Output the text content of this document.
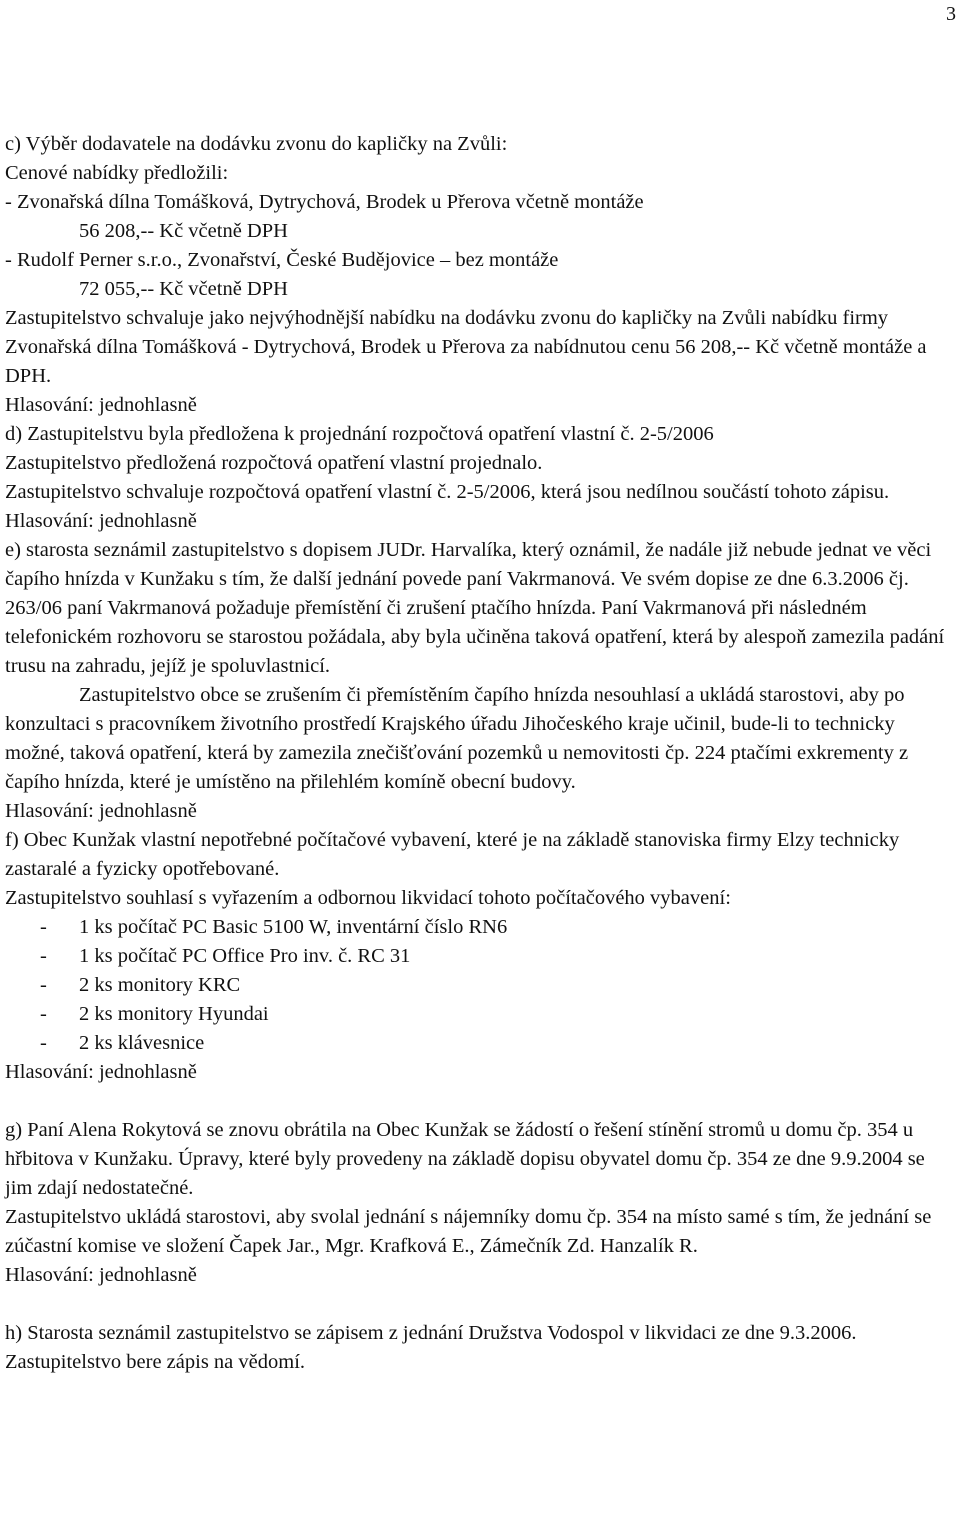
3

c) Výběr dodavatele na dodávku zvonu do kapličky na Zvůli:

Cenové nabídky předložili:

- Zvonařská dílna Tomášková, Dytrychová, Brodek u Přerova včetně montáže

56 208,-- Kč včetně DPH

- Rudolf Perner s.r.o., Zvonařství, České Budějovice – bez montáže

72 055,-- Kč včetně DPH

Zastupitelstvo schvaluje jako nejvýhodnější nabídku na dodávku zvonu do kapličky na Zvůli nabídku firmy Zvonařská dílna Tomášková - Dytrychová, Brodek u Přerova za nabídnutou cenu 56 208,-- Kč včetně montáže a DPH.

Hlasování: jednohlasně

d) Zastupitelstvu byla předložena k projednání rozpočtová opatření vlastní č. 2-5/2006

Zastupitelstvo předložená rozpočtová opatření vlastní projednalo.

Zastupitelstvo schvaluje rozpočtová opatření vlastní č. 2-5/2006, která jsou nedílnou součástí tohoto zápisu.

Hlasování: jednohlasně

e) starosta seznámil zastupitelstvo s dopisem JUDr. Harvalíka, který oznámil, že nadále již nebude jednat ve věci čapího hnízda v Kunžaku s tím, že další jednání povede paní Vakrmanová. Ve svém dopise ze dne 6.3.2006 čj. 263/06 paní Vakrmanová požaduje přemístění či zrušení ptačího hnízda. Paní Vakrmanová při následném telefonickém rozhovoru se starostou požádala, aby byla učiněna taková opatření, která by alespoň zamezila padání trusu na zahradu, jejíž je spoluvlastnicí.

Zastupitelstvo obce se zrušením či přemístěním čapího hnízda nesouhlasí a ukládá starostovi, aby po konzultaci s pracovníkem životního prostředí Krajského úřadu Jihočeského kraje učinil, bude-li to technicky možné, taková opatření, která by zamezila znečišťování pozemků u nemovitosti čp. 224 ptačími exkrementy z čapího hnízda, které je umístěno na přilehlém komíně obecní budovy.

Hlasování: jednohlasně

f) Obec Kunžak vlastní nepotřebné počítačové vybavení, které je na základě stanoviska firmy Elzy technicky zastaralé a fyzicky opotřebované.

Zastupitelstvo souhlasí s vyřazením a odbornou likvidací tohoto počítačového vybavení:

-	1 ks počítač PC Basic 5100 W, inventární číslo RN6
-	1 ks počítač PC Office Pro inv. č. RC 31
-	2 ks monitory KRC
-	2 ks monitory Hyundai
-	2 ks klávesnice

Hlasování: jednohlasně

g) Paní Alena Rokytová se znovu obrátila na Obec Kunžak se žádostí o řešení stínění stromů u domu čp. 354 u hřbitova v Kunžaku. Úpravy, které byly provedeny na základě dopisu obyvatel domu čp. 354 ze dne 9.9.2004 se jim zdají nedostatečné.

Zastupitelstvo ukládá starostovi, aby svolal jednání s nájemníky domu čp. 354 na místo samé s tím, že jednání se zúčastní komise ve složení Čapek Jar., Mgr. Krafková E., Zámečník Zd. Hanzalík R.

Hlasování: jednohlasně

h) Starosta seznámil zastupitelstvo se zápisem z jednání Družstva Vodospol v likvidaci ze dne 9.3.2006.

Zastupitelstvo bere zápis na vědomí.
